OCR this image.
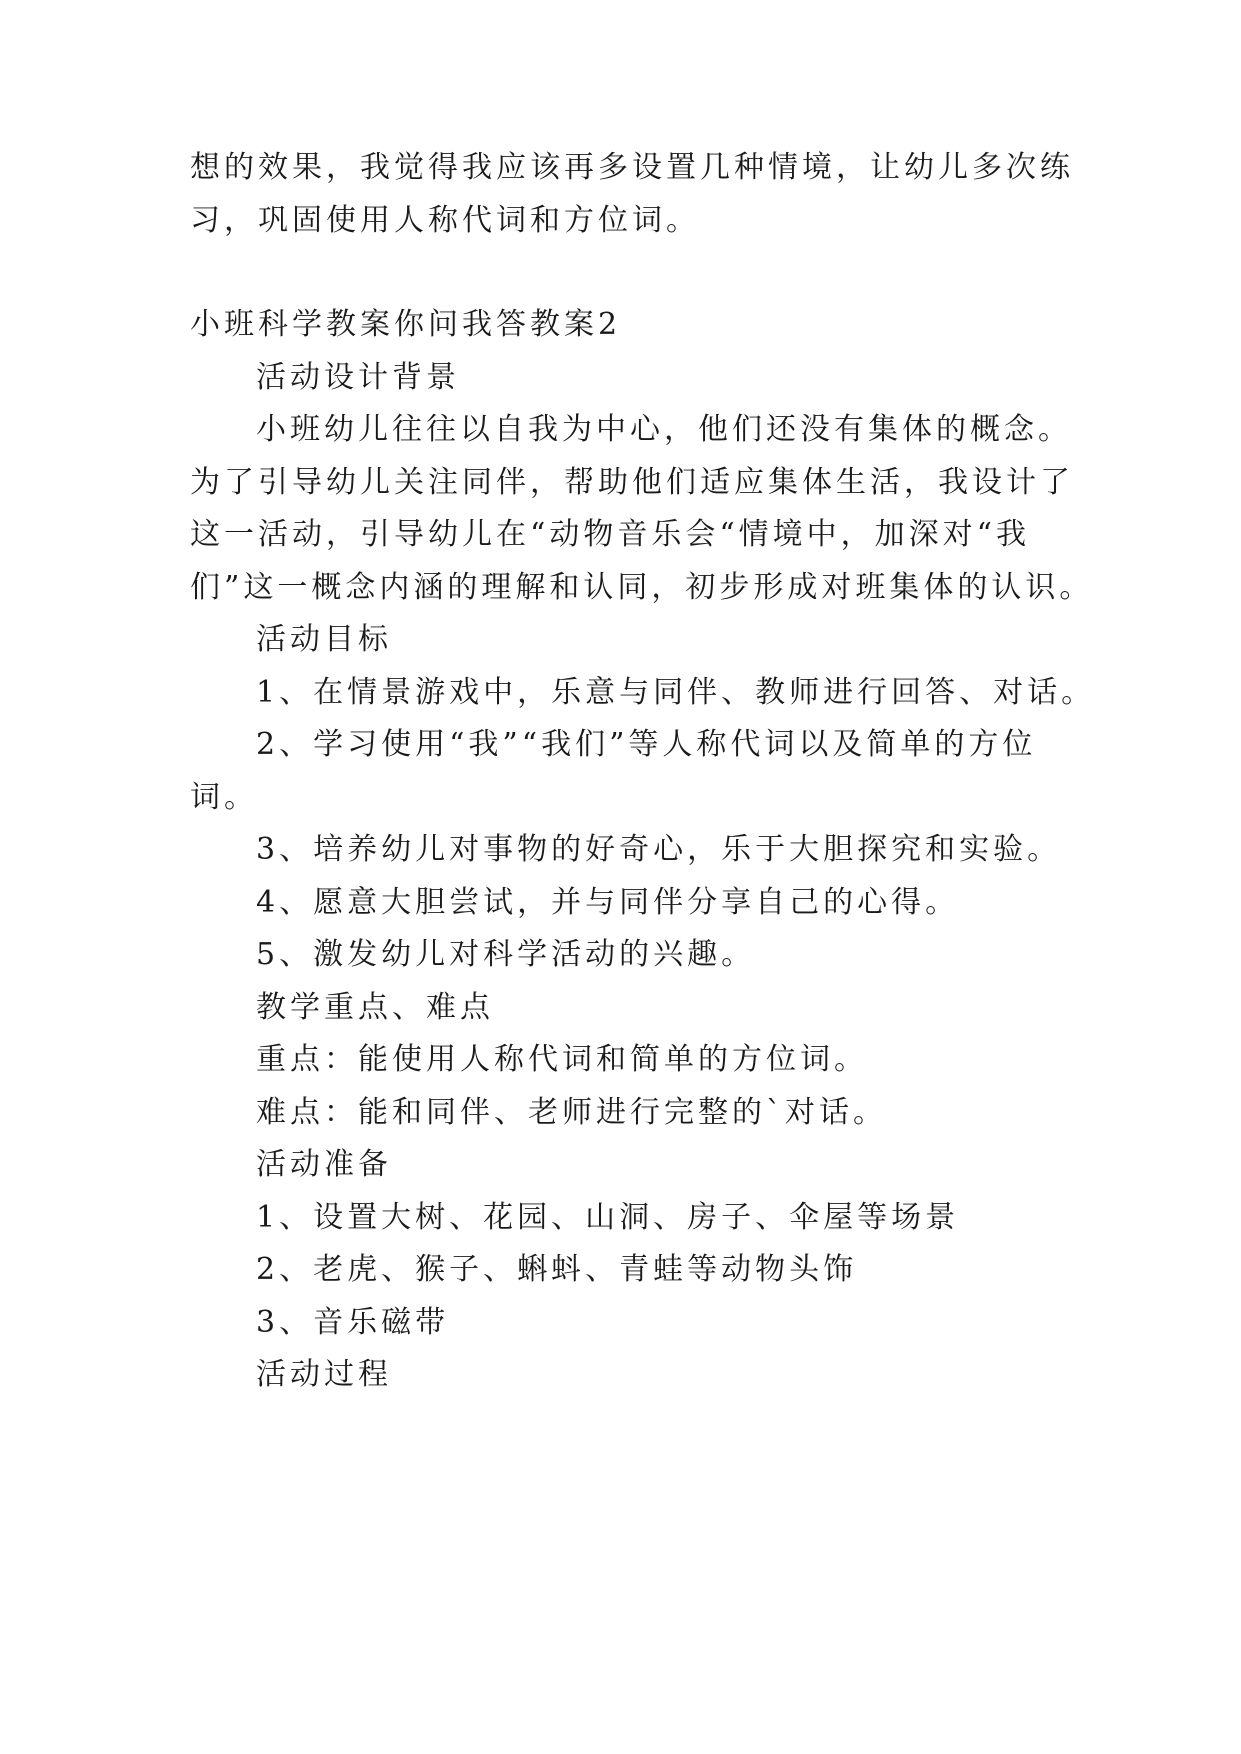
想的效果，我觉得我应该再多设置几种情境，让幼儿多次练
习，巩固使用人称代词和方位词。
小班科学教案你问我答教案2
活动设计背景
小班幼儿往往以自我为中心，他们还没有集体的概念。
为了引导幼儿关注同伴，帮助他们适应集体生活，我设计了
这一活动，引导幼儿在“动物音乐会“情境中，加深对“我
们”这一概念内涵的理解和认同，初步形成对班集体的认识。
活动目标
1、在情景游戏中，乐意与同伴、教师进行回答、对话。
2、学习使用“我”“我们”等人称代词以及简单的方位
词。
3、培养幼儿对事物的好奇心，乐于大胆探究和实验。
4、愿意大胆尝试，并与同伴分享自己的心得。
5、激发幼儿对科学活动的兴趣。
教学重点、难点
重点：能使用人称代词和简单的方位词。
难点：能和同伴、老师进行完整的`对话。
活动准备
1、设置大树、花园、山洞、房子、伞屋等场景
2、老虎、猴子、蝌蚪、青蛙等动物头饰
3、音乐磁带
活动过程
